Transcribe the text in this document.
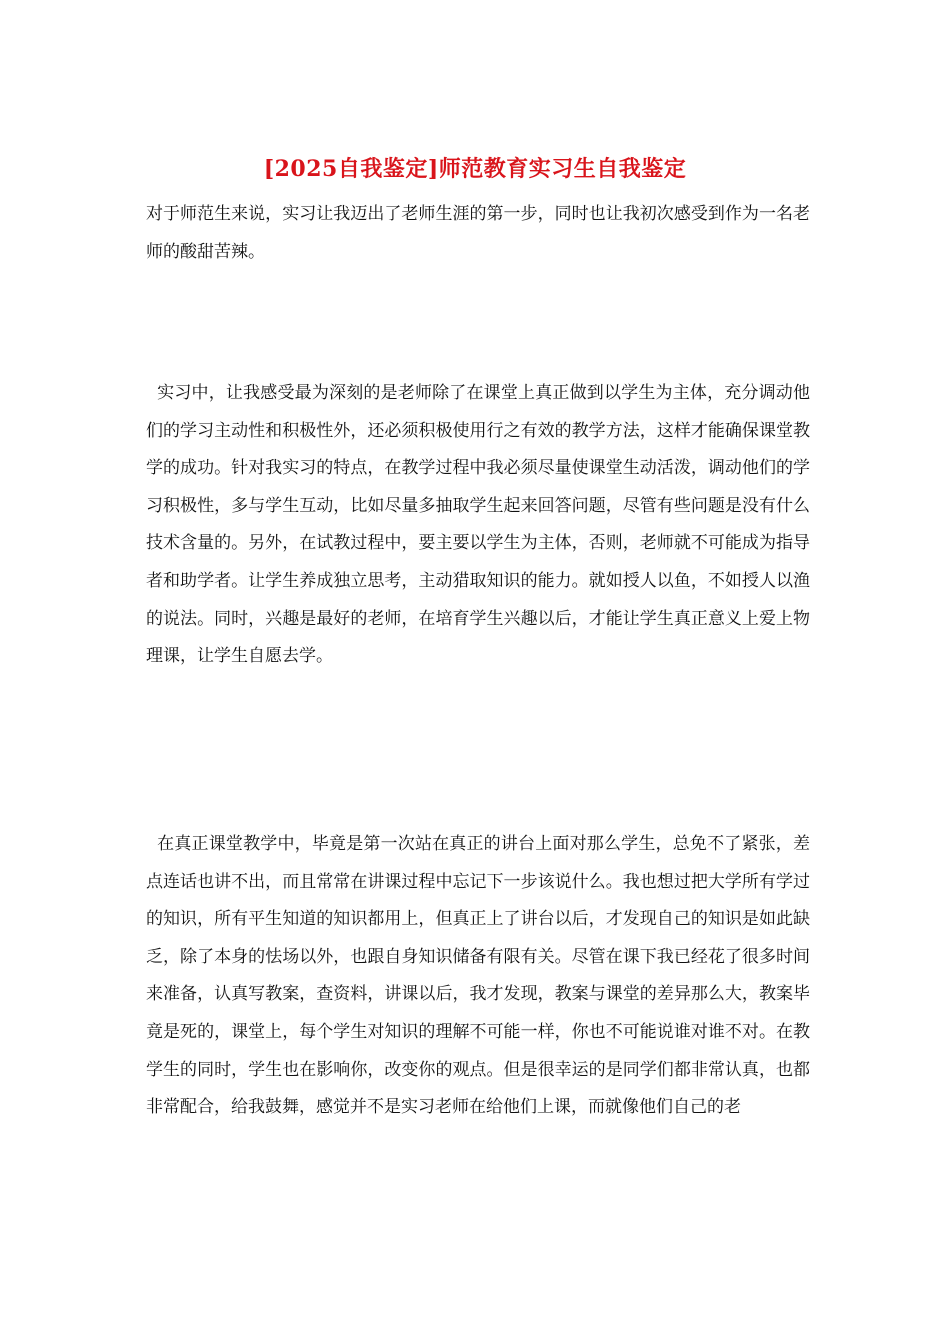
[2025自我鉴定]师范教育实习生自我鉴定

对于师范生来说，实习让我迈出了老师生涯的第一步，同时也让我初次感受到作为一名老师的酸甜苦辣。

实习中，让我感受最为深刻的是老师除了在课堂上真正做到以学生为主体，充分调动他们的学习主动性和积极性外，还必须积极使用行之有效的教学方法，这样才能确保课堂教学的成功。针对我实习的特点，在教学过程中我必须尽量使课堂生动活泼，调动他们的学习积极性，多与学生互动，比如尽量多抽取学生起来回答问题，尽管有些问题是没有什么技术含量的。另外，在试教过程中，要主要以学生为主体，否则，老师就不可能成为指导者和助学者。让学生养成独立思考，主动猎取知识的能力。就如授人以鱼，不如授人以渔的说法。同时，兴趣是最好的老师，在培育学生兴趣以后，才能让学生真正意义上爱上物理课，让学生自愿去学。

在真正课堂教学中，毕竟是第一次站在真正的讲台上面对那么学生，总免不了紧张，差点连话也讲不出，而且常常在讲课过程中忘记下一步该说什么。我也想过把大学所有学过的知识，所有平生知道的知识都用上，但真正上了讲台以后，才发现自己的知识是如此缺乏，除了本身的怯场以外，也跟自身知识储备有限有关。尽管在课下我已经花了很多时间来准备，认真写教案，查资料，讲课以后，我才发现，教案与课堂的差异那么大，教案毕竟是死的，课堂上，每个学生对知识的理解不可能一样，你也不可能说谁对谁不对。在教学生的同时，学生也在影响你，改变你的观点。但是很幸运的是同学们都非常认真，也都非常配合，给我鼓舞，感觉并不是实习老师在给他们上课，而就像他们自己的老
